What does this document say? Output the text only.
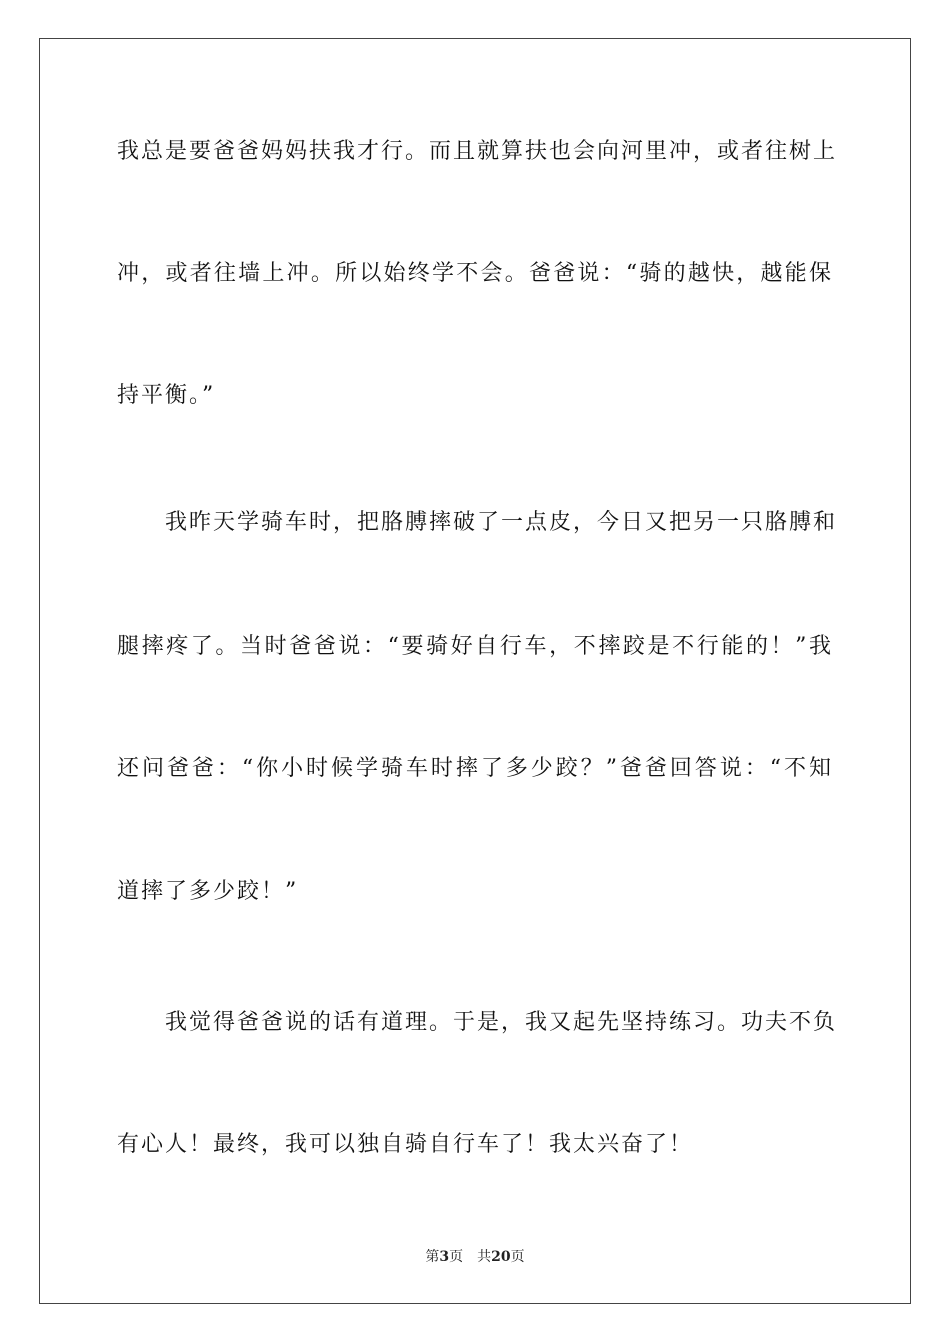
我总是要爸爸妈妈扶我才行。而且就算扶也会向河里冲，或者往树上
冲，或者往墙上冲。所以始终学不会。爸爸说：“骑的越快，越能保
持平衡。”
　　我昨天学骑车时，把胳膊摔破了一点皮，今日又把另一只胳膊和
腿摔疼了。当时爸爸说：“要骑好自行车，不摔跤是不行能的！”我
还问爸爸：“你小时候学骑车时摔了多少跤？”爸爸回答说：“不知
道摔了多少跤！”
　　我觉得爸爸说的话有道理。于是，我又起先坚持练习。功夫不负
有心人！最终，我可以独自骑自行车了！我太兴奋了！
第3页 共20页
